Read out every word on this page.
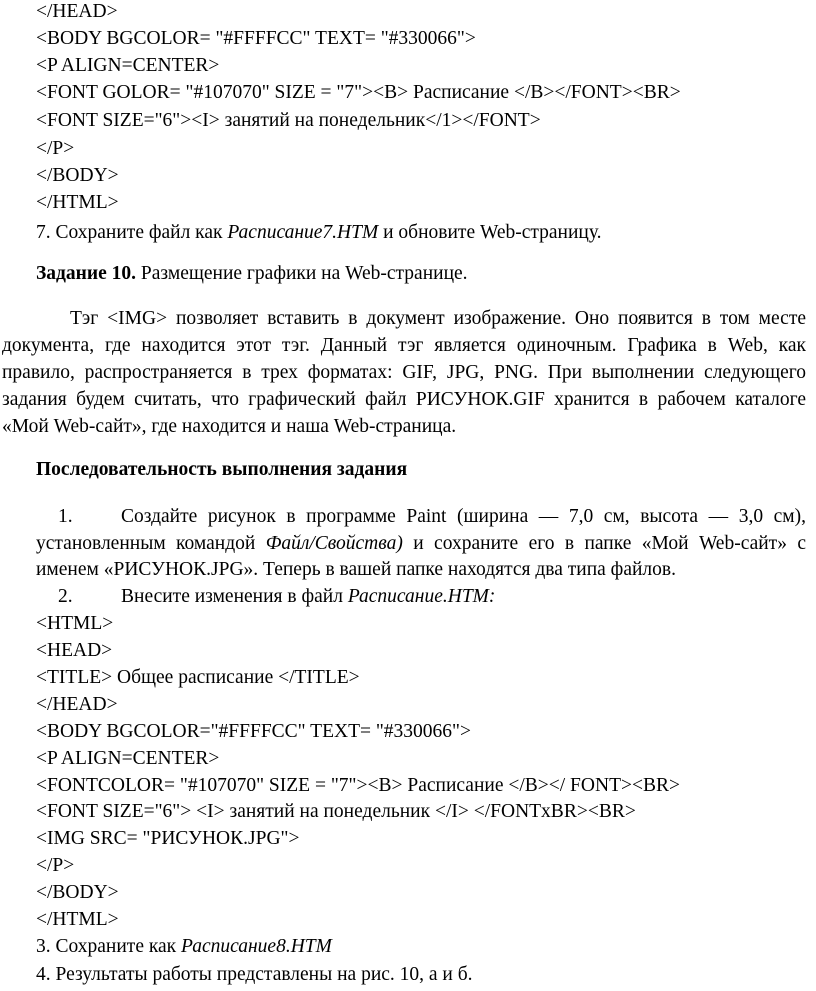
</HEAD>
<BODY BGCOLOR= "#FFFFCC" TEXT= "#330066">
<P ALIGN=CENTER>
<FONT GOLOR= "#107070" SIZE = "7"><B> Расписание </B></FONT><BR>
<FONT SIZE="6"><I> занятий на понедельник</1></FONT>
</P>
</BODY>
</HTML>
7. Сохраните файл как Расписание7.НТМ и обновите Web-страницу.
Задание 10. Размещение графики на Web-странице.
Тэг <IMG> позволяет вставить в документ изображение. Оно появится в том месте
документа, где находится этот тэг. Данный тэг является одиночным. Графика в Web, как
правило, распространяется в трех форматах: GIF, JPG, PNG. При выполнении следующего
задания будем считать, что графический файл РИСУНОК.GIF хранится в рабочем каталоге
«Мой Web-сайт», где находится и наша Web-страница.
Последовательность выполнения задания
1. Создайте рисунок в программе Paint (ширина — 7,0 см, высота — 3,0 см),
установленным командой Файл/Свойства) и сохраните его в папке «Мой Web-сайт» с
именем «РИСУНОК.JPG». Теперь в вашей папке находятся два типа файлов.
2. Внесите изменения в файл Расписание.НТМ:
<HTML>
<HEAD>
<TITLE> Общее расписание </TITLE>
</HEAD>
<BODY BGCOLOR="#FFFFCC" TEXT= "#330066">
<P ALIGN=CENTER>
<FONTCOLOR= "#107070" SIZE = "7"><B> Расписание </B></ FONT><BR>
<FONT SIZE="6"> <I> занятий на понедельник </I> </FONTxBR><BR>
<IMG SRC= "РИСУНОК.JPG">
</P>
</BODY>
</HTML>
3. Сохраните как Расписание8.НТМ
4. Результаты работы представлены на рис. 10, а и б.
